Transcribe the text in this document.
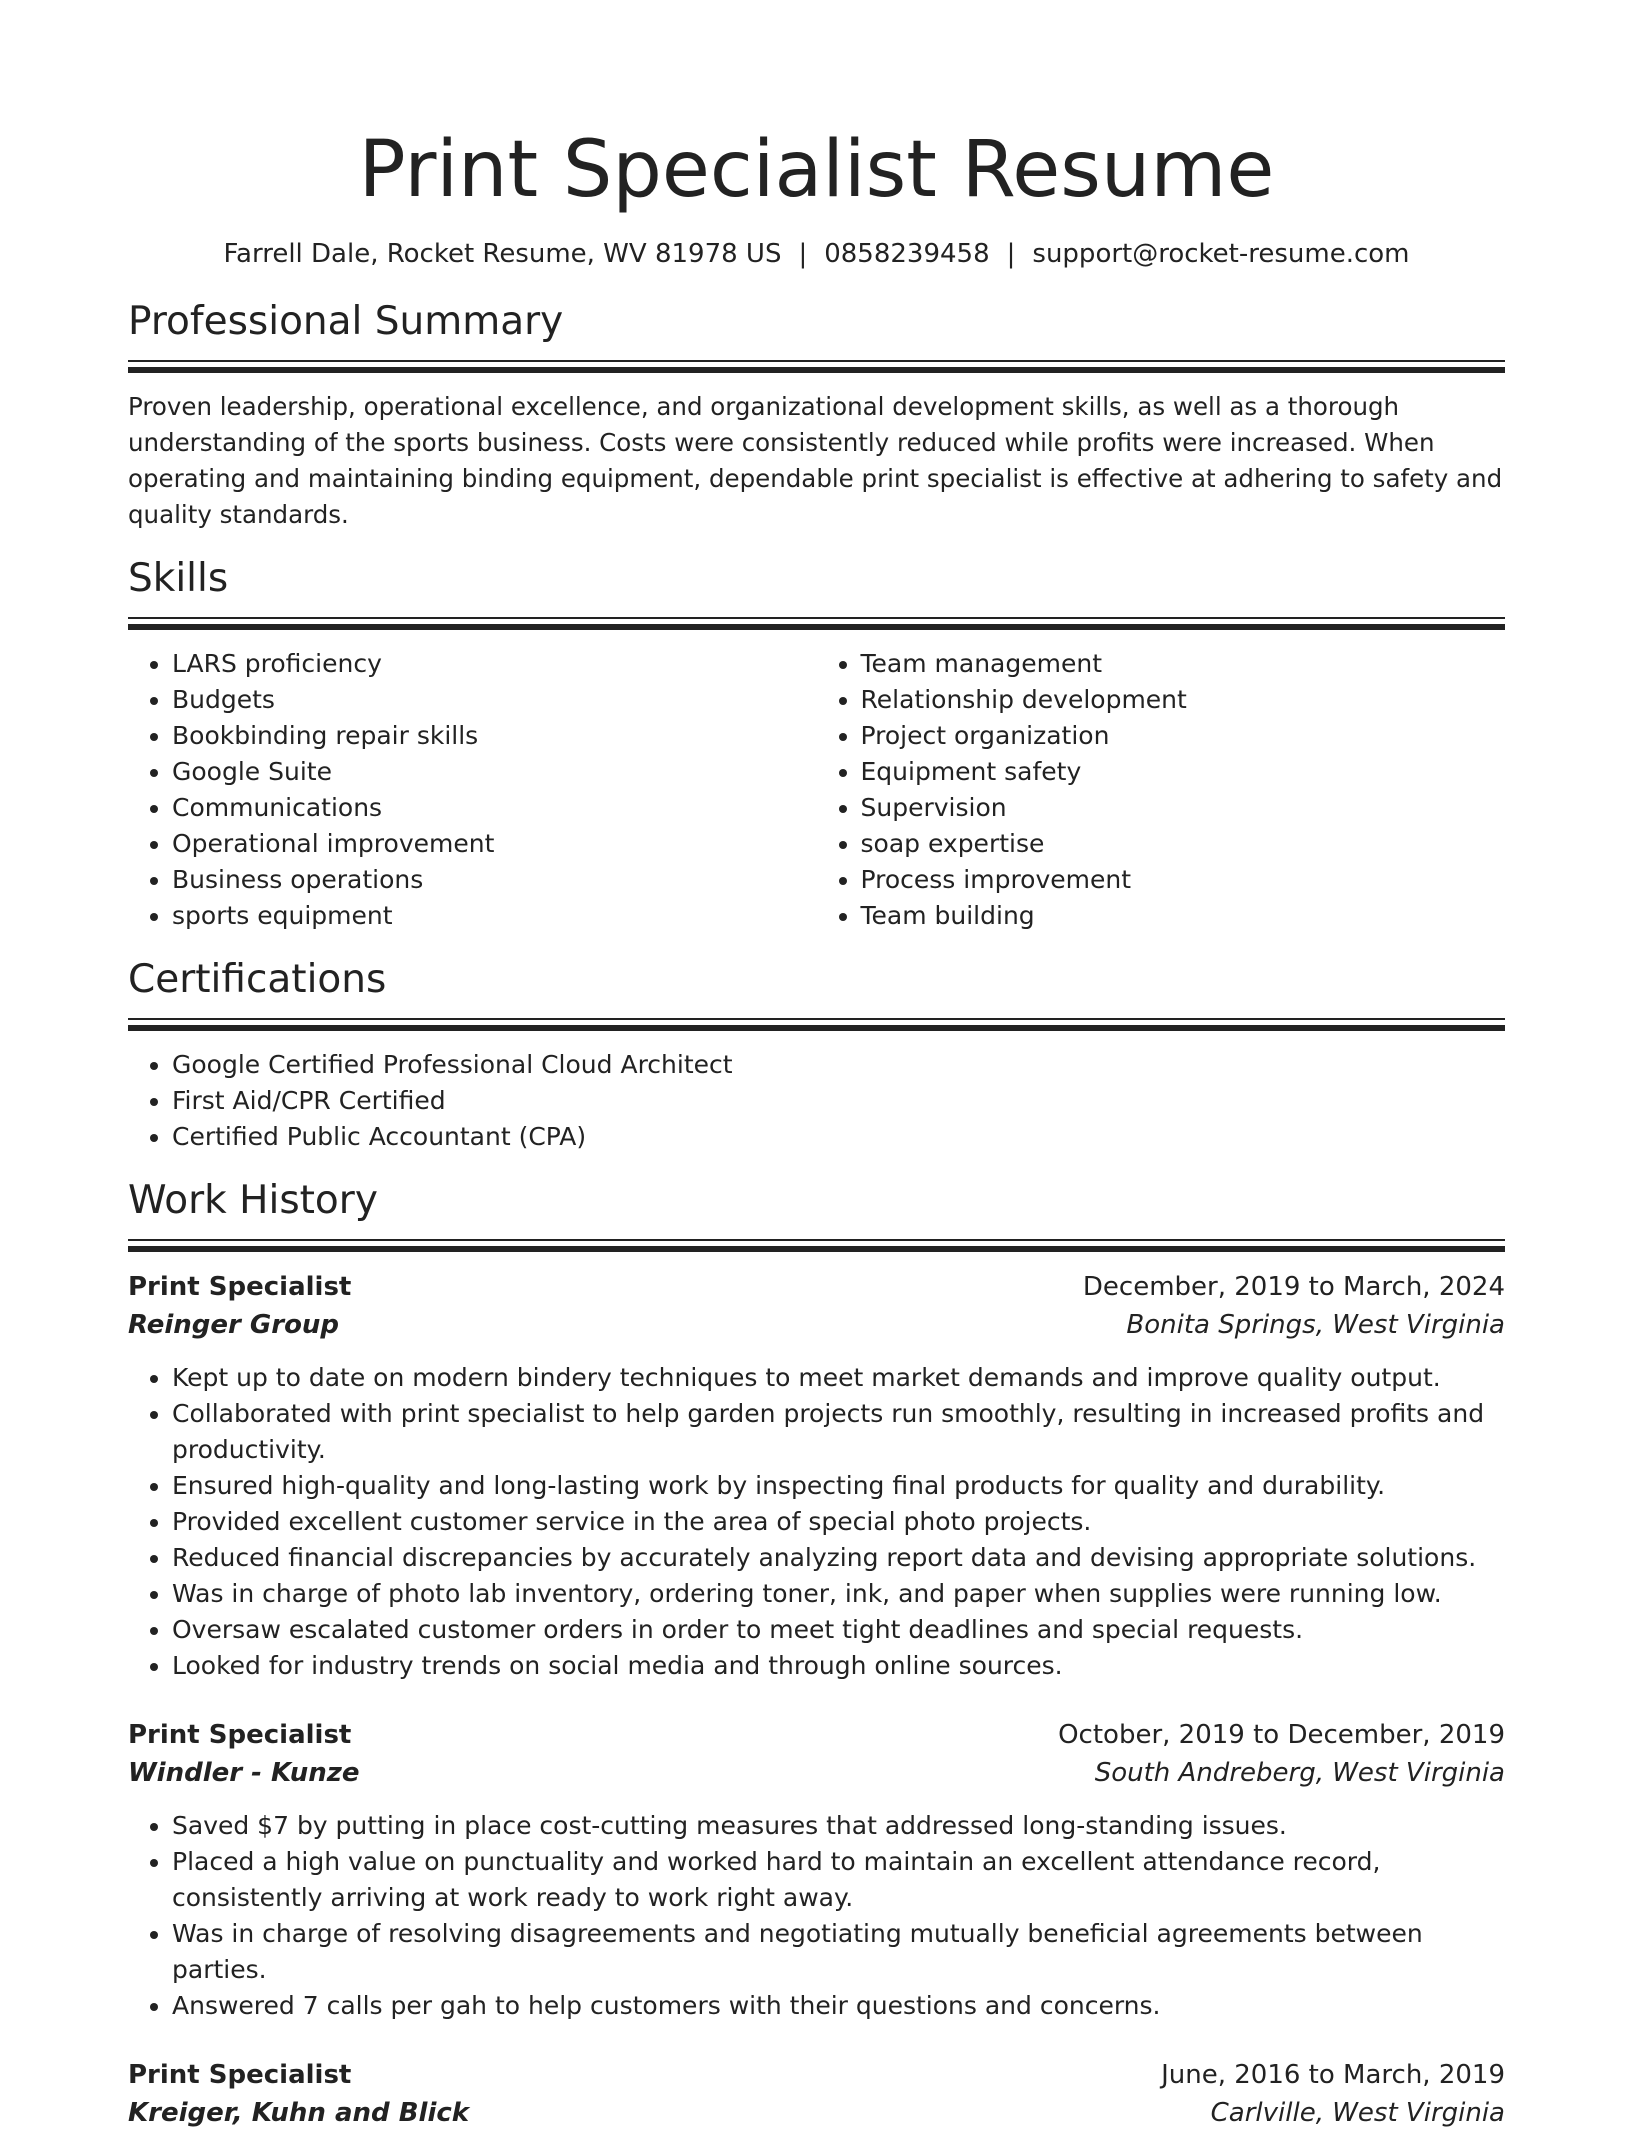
Print Specialist Resume
Farrell Dale, Rocket Resume, WV 81978 US | 0858239458 | support@rocket-resume.com
Professional Summary

Proven leadership, operational excellence, and organizational development skills, as well as a thorough understanding of the sports business. Costs were consistently reduced while profits were increased. When operating and maintaining binding equipment, dependable print specialist is effective at adhering to safety and quality standards.

Skills
• LARS proficiency
• Budgets
• Bookbinding repair skills
• Google Suite
• Communications
• Operational improvement
• Business operations
• sports equipment
• Team management
• Relationship development
• Project organization
• Equipment safety
• Supervision
• soap expertise
• Process improvement
• Team building
Certifications
• Google Certified Professional Cloud Architect
• First Aid/CPR Certified
• Certified Public Accountant (CPA)
Work History
Print Specialist	December, 2019 to March, 2024
Reinger Group	Bonita Springs, West Virginia
• Kept up to date on modern bindery techniques to meet market demands and improve quality output.
• Collaborated with print specialist to help garden projects run smoothly, resulting in increased profits and productivity.
• Ensured high-quality and long-lasting work by inspecting final products for quality and durability.
• Provided excellent customer service in the area of special photo projects.
• Reduced financial discrepancies by accurately analyzing report data and devising appropriate solutions.
• Was in charge of photo lab inventory, ordering toner, ink, and paper when supplies were running low.
• Oversaw escalated customer orders in order to meet tight deadlines and special requests.
• Looked for industry trends on social media and through online sources.
Print Specialist	October, 2019 to December, 2019
Windler - Kunze	South Andreberg, West Virginia
• Saved $7 by putting in place cost-cutting measures that addressed long-standing issues.
• Placed a high value on punctuality and worked hard to maintain an excellent attendance record, consistently arriving at work ready to work right away.
• Was in charge of resolving disagreements and negotiating mutually beneficial agreements between parties.
• Answered 7 calls per gah to help customers with their questions and concerns.
Print Specialist	June, 2016 to March, 2019
Kreiger, Kuhn and Blick	Carlville, West Virginia
